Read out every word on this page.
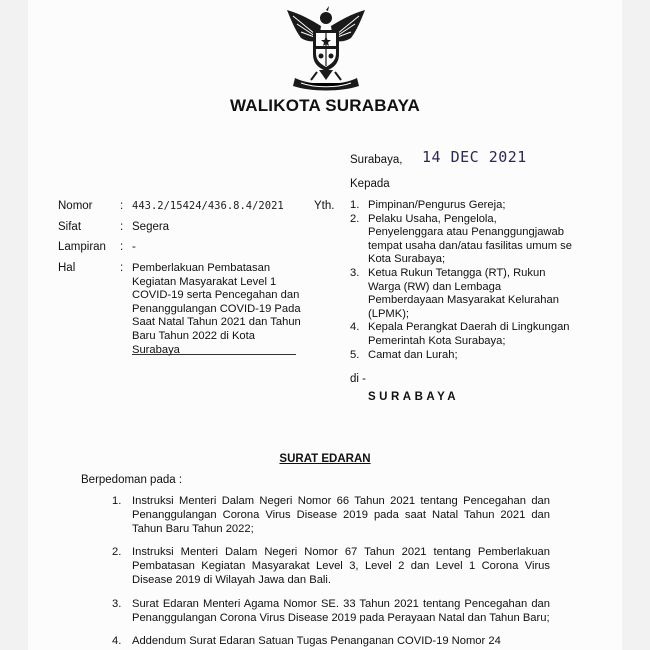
WALIKOTA SURABAYA
Surabaya, 14 DEC 2021
Kepada
Nomor : 443.2/15424/436.8.4/2021
Sifat	: Segera
Lampiran : -
Hal	: Pemberlakuan Pembatasan Kegiatan Masyarakat Level 1 COVID-19 serta Pencegahan dan Penanggulangan COVID-19 Pada Saat Natal Tahun 2021 dan Tahun Baru Tahun 2022 di Kota Surabaya
Yth. 1. Pimpinan/Pengurus Gereja;
2. Pelaku Usaha, Pengelola, Penyelenggara atau Penanggungjawab tempat usaha dan/atau fasilitas umum se Kota Surabaya;
3. Ketua Rukun Tetangga (RT), Rukun Warga (RW) dan Lembaga Pemberdayaan Masyarakat Kelurahan (LPMK);
4. Kepala Perangkat Daerah di Lingkungan Pemerintah Kota Surabaya;
5. Camat dan Lurah;
di -
SURABAYA
SURAT EDARAN
Berpedoman pada :
1. Instruksi Menteri Dalam Negeri Nomor 66 Tahun 2021 tentang Pencegahan dan Penanggulangan Corona Virus Disease 2019 pada saat Natal Tahun 2021 dan Tahun Baru Tahun 2022;
2. Instruksi Menteri Dalam Negeri Nomor 67 Tahun 2021 tentang Pemberlakuan Pembatasan Kegiatan Masyarakat Level 3, Level 2 dan Level 1 Corona Virus Disease 2019 di Wilayah Jawa dan Bali.
3. Surat Edaran Menteri Agama Nomor SE. 33 Tahun 2021 tentang Pencegahan dan Penanggulangan Corona Virus Disease 2019 pada Perayaan Natal dan Tahun Baru;
4. Addendum Surat Edaran Satuan Tugas Penanganan COVID-19 Nomor 24
